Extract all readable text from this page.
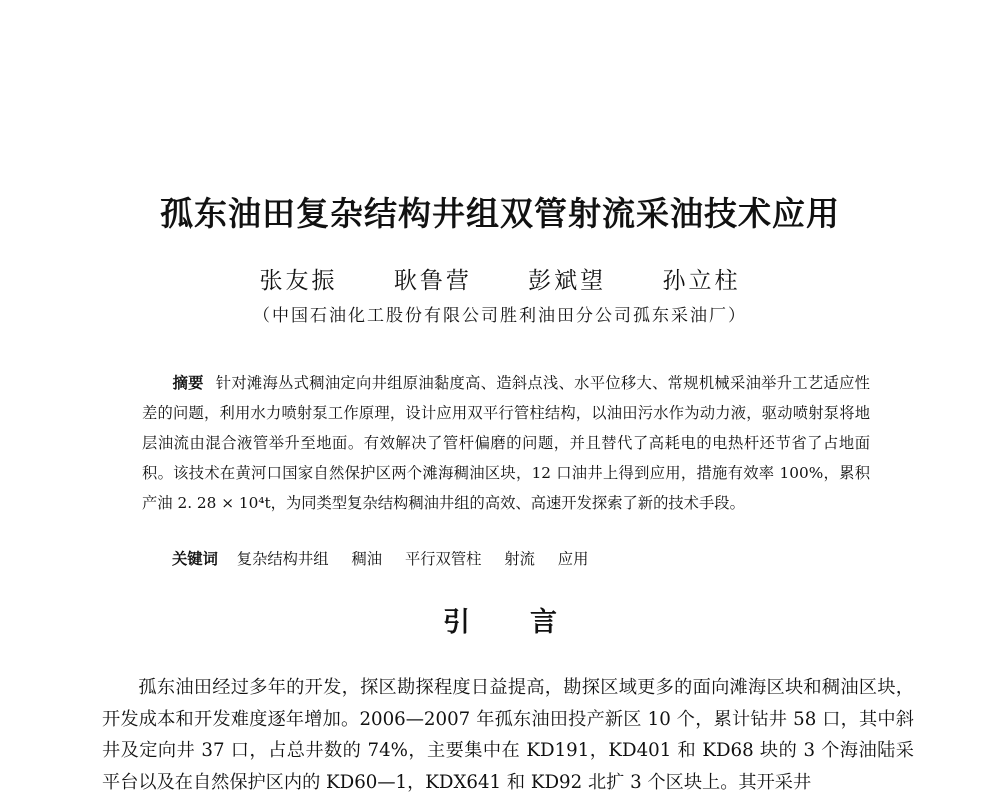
孤东油田复杂结构井组双管射流采油技术应用
张友振 耿鲁营 彭斌望 孙立柱
（中国石油化工股份有限公司胜利油田分公司孤东采油厂）
摘要 针对滩海丛式稠油定向井组原油黏度高、造斜点浅、水平位移大、常规机械采油举升工艺适应性差的问题，利用水力喷射泵工作原理，设计应用双平行管柱结构，以油田污水作为动力液，驱动喷射泵将地层油流由混合液管举升至地面。有效解决了管杆偏磨的问题，并且替代了高耗电的电热杆还节省了占地面积。该技术在黄河口国家自然保护区两个滩海稠油区块，12 口油井上得到应用，措施有效率 100%，累积产油 2. 28 × 10⁴t，为同类型复杂结构稠油井组的高效、高速开发探索了新的技术手段。
关键词 复杂结构井组 稠油 平行双管柱 射流 应用
引 言
孤东油田经过多年的开发，探区勘探程度日益提高，勘探区域更多的面向滩海区块和稠油区块，开发成本和开发难度逐年增加。2006—2007 年孤东油田投产新区 10 个，累计钻井 58 口，其中斜井及定向井 37 口，占总井数的 74%，主要集中在 KD191，KD401 和 KD68 块的 3 个海油陆采平台以及在自然保护区内的 KD60—1，KDX641 和 KD92 北扩 3 个区块上。其开采井
